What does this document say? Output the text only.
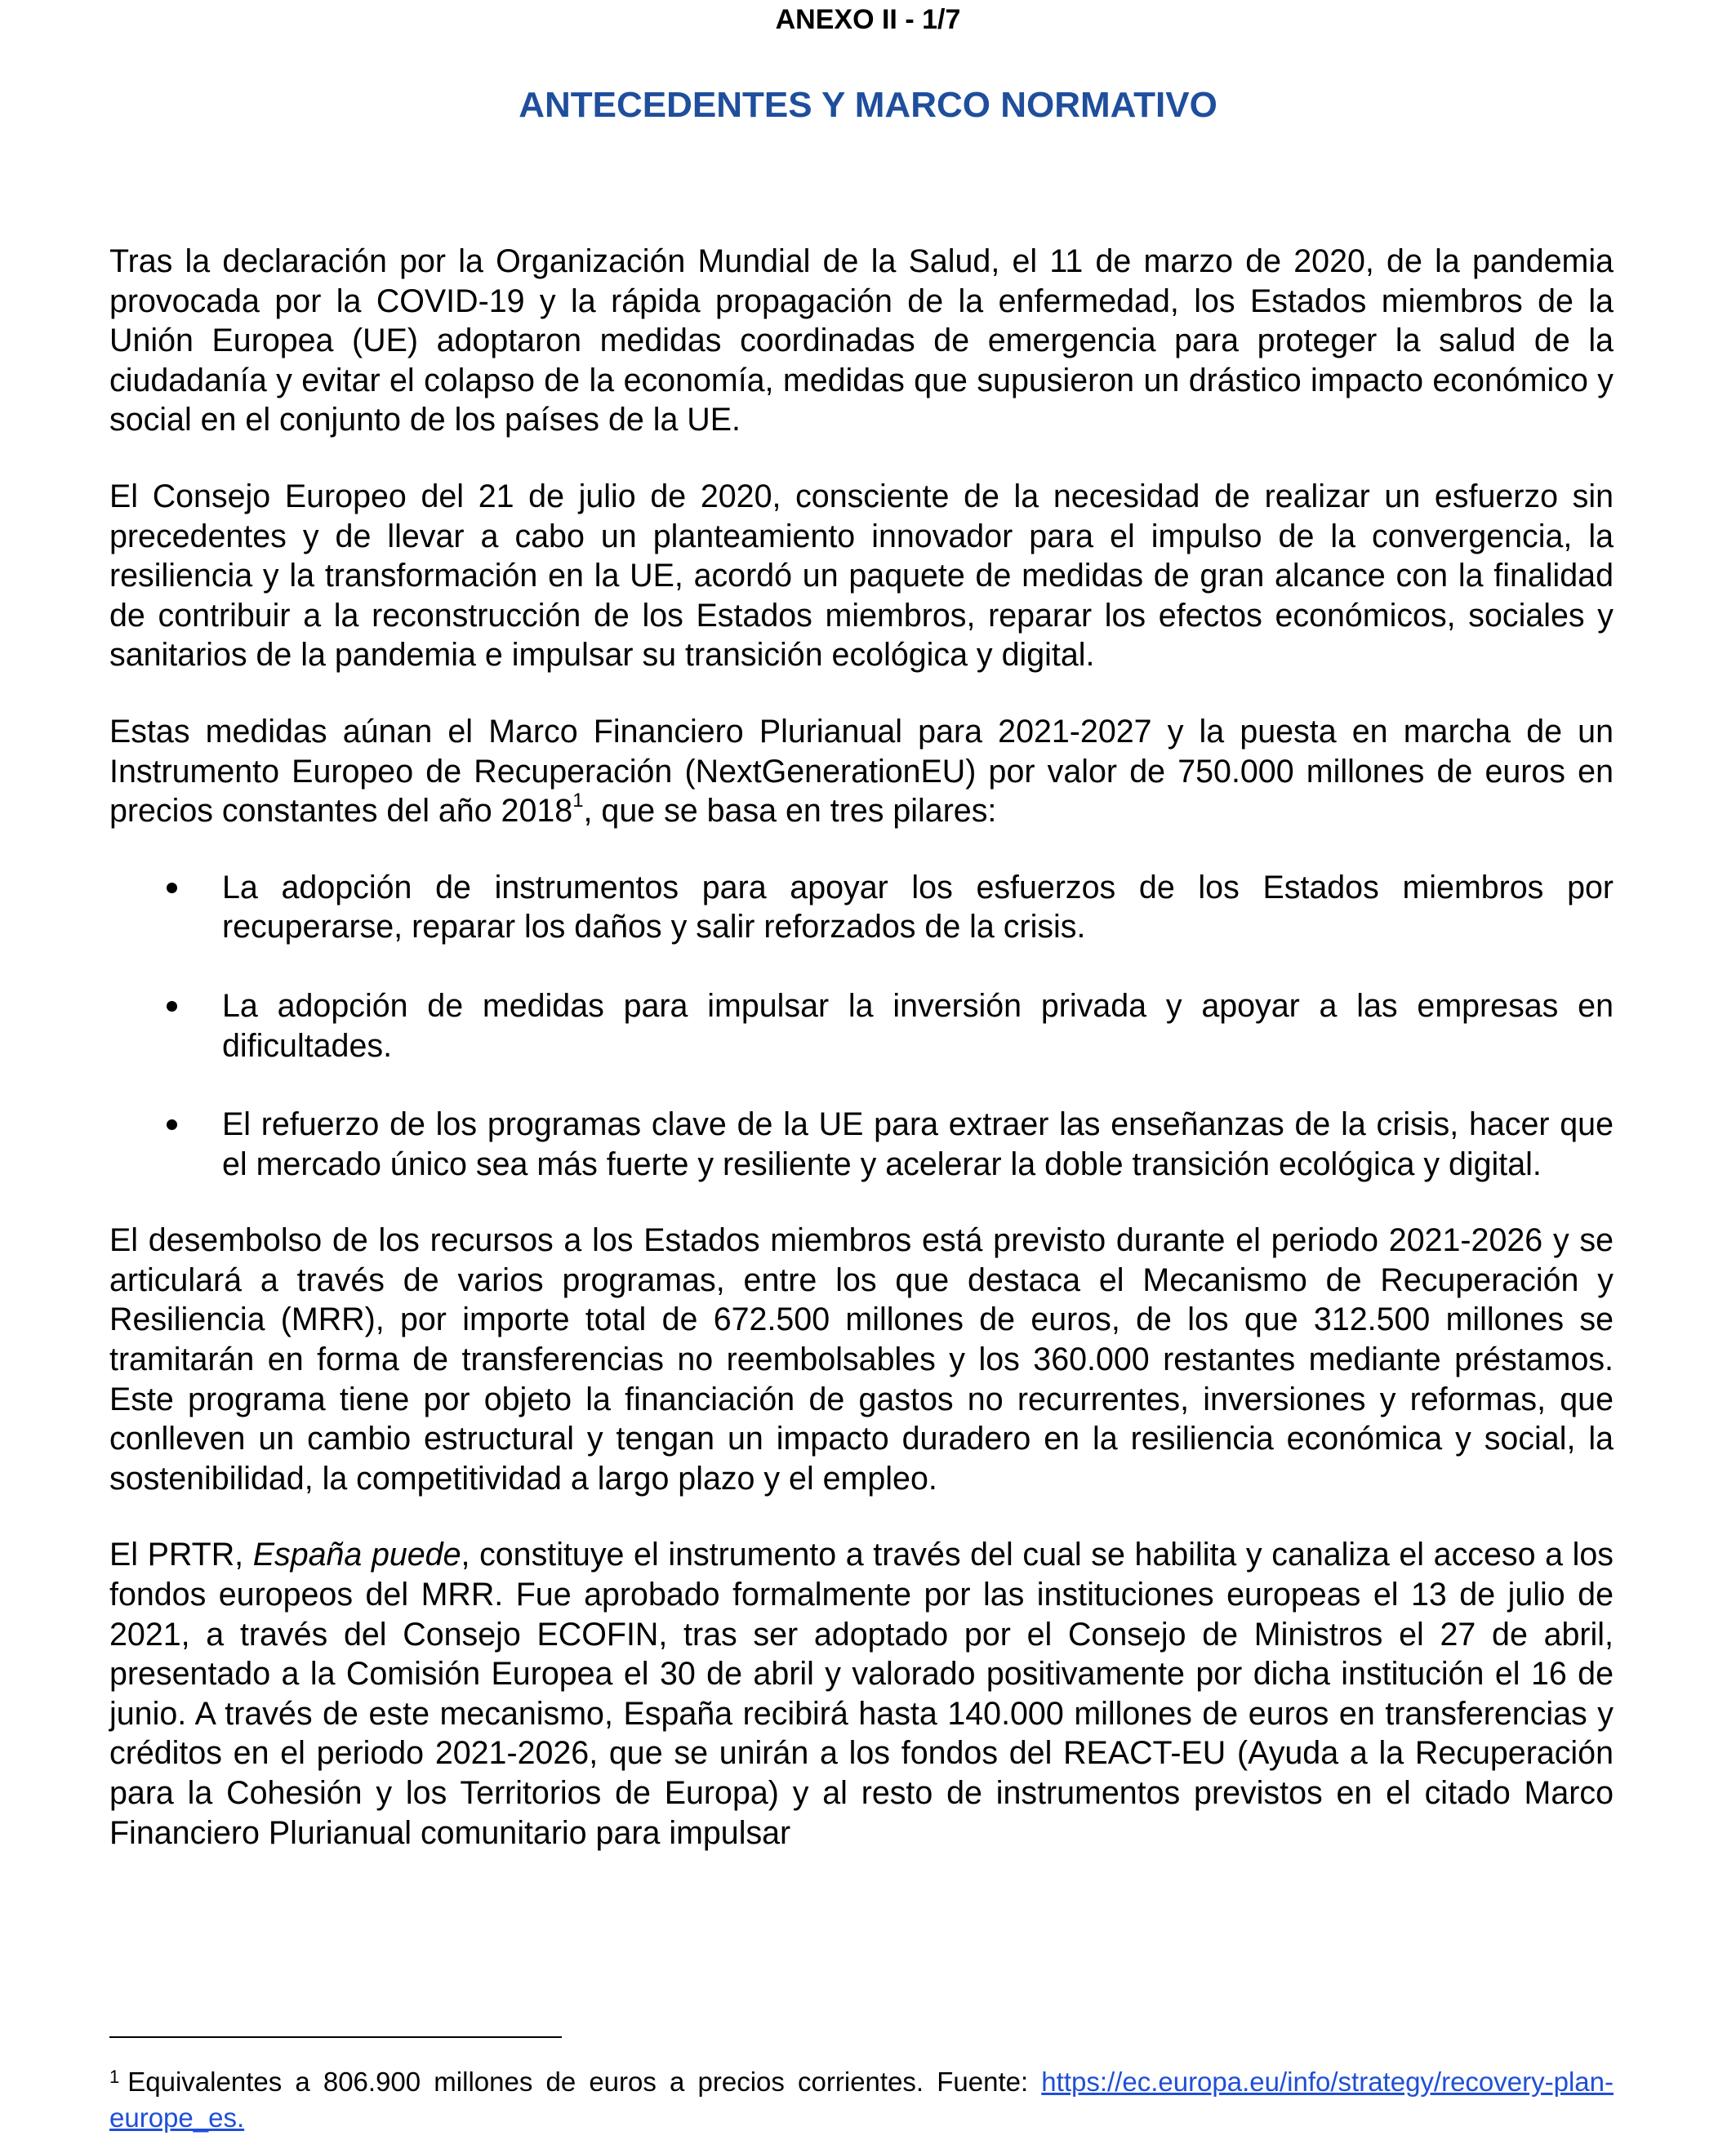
ANEXO II - 1/7
ANTECEDENTES Y MARCO NORMATIVO

Tras la declaración por la Organización Mundial de la Salud, el 11 de marzo de 2020, de la pandemia provocada por la COVID-19 y la rápida propagación de la enfermedad, los Estados miembros de la Unión Europea (UE) adoptaron medidas coordinadas de emergencia para proteger la salud de la ciudadanía y evitar el colapso de la economía, medidas que supusieron un drástico impacto económico y social en el conjunto de los países de la UE.

El Consejo Europeo del 21 de julio de 2020, consciente de la necesidad de realizar un esfuerzo sin precedentes y de llevar a cabo un planteamiento innovador para el impulso de la convergencia, la resiliencia y la transformación en la UE, acordó un paquete de medidas de gran alcance con la finalidad de contribuir a la reconstrucción de los Estados miembros, reparar los efectos económicos, sociales y sanitarios de la pandemia e impulsar su transición ecológica y digital.

Estas medidas aúnan el Marco Financiero Plurianual para 2021-2027 y la puesta en marcha de un Instrumento Europeo de Recuperación (NextGenerationEU) por valor de 750.000 millones de euros en precios constantes del año 2018$^1$, que se basa en tres pilares:

La adopción de instrumentos para apoyar los esfuerzos de los Estados miembros por recuperarse, reparar los daños y salir reforzados de la crisis.
La adopción de medidas para impulsar la inversión privada y apoyar a las empresas en dificultades.
El refuerzo de los programas clave de la UE para extraer las enseñanzas de la crisis, hacer que el mercado único sea más fuerte y resiliente y acelerar la doble transición ecológica y digital.

El desembolso de los recursos a los Estados miembros está previsto durante el periodo 2021-2026 y se articulará a través de varios programas, entre los que destaca el Mecanismo de Recuperación y Resiliencia (MRR), por importe total de 672.500 millones de euros, de los que 312.500 millones se tramitarán en forma de transferencias no reembolsables y los 360.000 restantes mediante préstamos. Este programa tiene por objeto la financiación de gastos no recurrentes, inversiones y reformas, que conlleven un cambio estructural y tengan un impacto duradero en la resiliencia económica y social, la sostenibilidad, la competitividad a largo plazo y el empleo.

El PRTR, España puede, constituye el instrumento a través del cual se habilita y canaliza el acceso a los fondos europeos del MRR. Fue aprobado formalmente por las instituciones europeas el 13 de julio de 2021, a través del Consejo ECOFIN, tras ser adoptado por el Consejo de Ministros el 27 de abril, presentado a la Comisión Europea el 30 de abril y valorado positivamente por dicha institución el 16 de junio. A través de este mecanismo, España recibirá hasta 140.000 millones de euros en transferencias y créditos en el periodo 2021-2026, que se unirán a los fondos del REACT-EU (Ayuda a la Recuperación para la Cohesión y los Territorios de Europa) y al resto de instrumentos previstos en el citado Marco Financiero Plurianual comunitario para impulsar

$^1$ Equivalentes a 806.900 millones de euros a precios corrientes. Fuente: https://ec.europa.eu/info/strategy/recovery-plan-europe_es.
